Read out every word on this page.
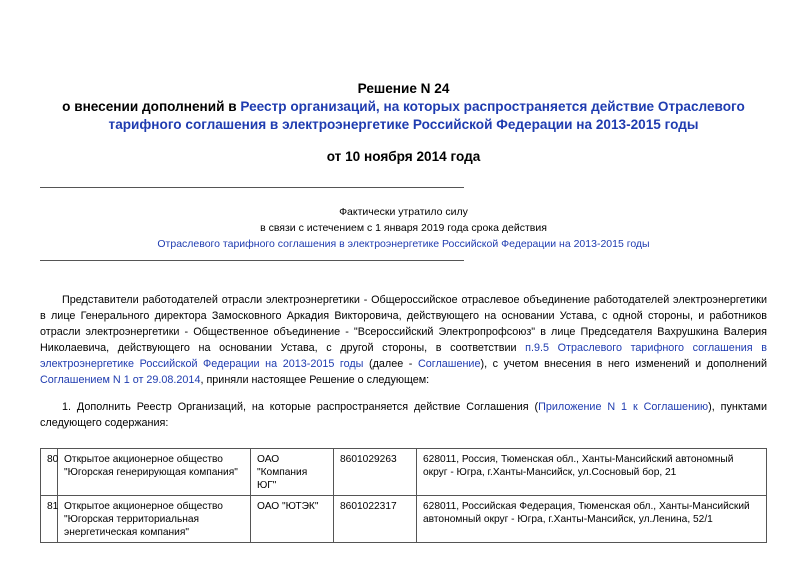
Решение N 24
о внесении дополнений в Реестр организаций, на которых распространяется действие Отраслевого
тарифного соглашения в электроэнергетике Российской Федерации на 2013-2015 годы
от 10 ноября 2014 года
Фактически утратило силу
в связи с истечением с 1 января 2019 года срока действия
Отраслевого тарифного соглашения в электроэнергетике Российской Федерации на 2013-2015 годы

Представители работодателей отрасли электроэнергетики - Общероссийское отраслевое объединение работодателей электроэнергетики в лице Генерального директора Замосковного Аркадия Викторовича, действующего на основании Устава, с одной стороны, и работников отрасли электроэнергетики - Общественное объединение - "Всероссийский Электропрофсоюз" в лице Председателя Вахрушкина Валерия Николаевича, действующего на основании Устава, с другой стороны, в соответствии п.9.5 Отраслевого тарифного соглашения в электроэнергетике Российской Федерации на 2013-2015 годы (далее - Соглашение), с учетом внесения в него изменений и дополнений Соглашением N 1 от 29.08.2014, приняли настоящее Решение о следующем:

1. Дополнить Реестр Организаций, на которые распространяется действие Соглашения (Приложение N 1 к Соглашению), пунктами следующего содержания:

80	Открытое акционерное общество "Югорская генерирующая компания"	ОАО "Компания ЮГ"	8601029263	628011, Россия, Тюменская обл., Ханты-Мансийский автономный округ - Югра, г.Ханты-Мансийск, ул.Сосновый бор, 21
81	Открытое акционерное общество "Югорская территориальная энергетическая компания"	ОАО "ЮТЭК"	8601022317	628011, Российская Федерация, Тюменская обл., Ханты-Мансийский автономный округ - Югра, г.Ханты-Мансийск, ул.Ленина, 52/1
